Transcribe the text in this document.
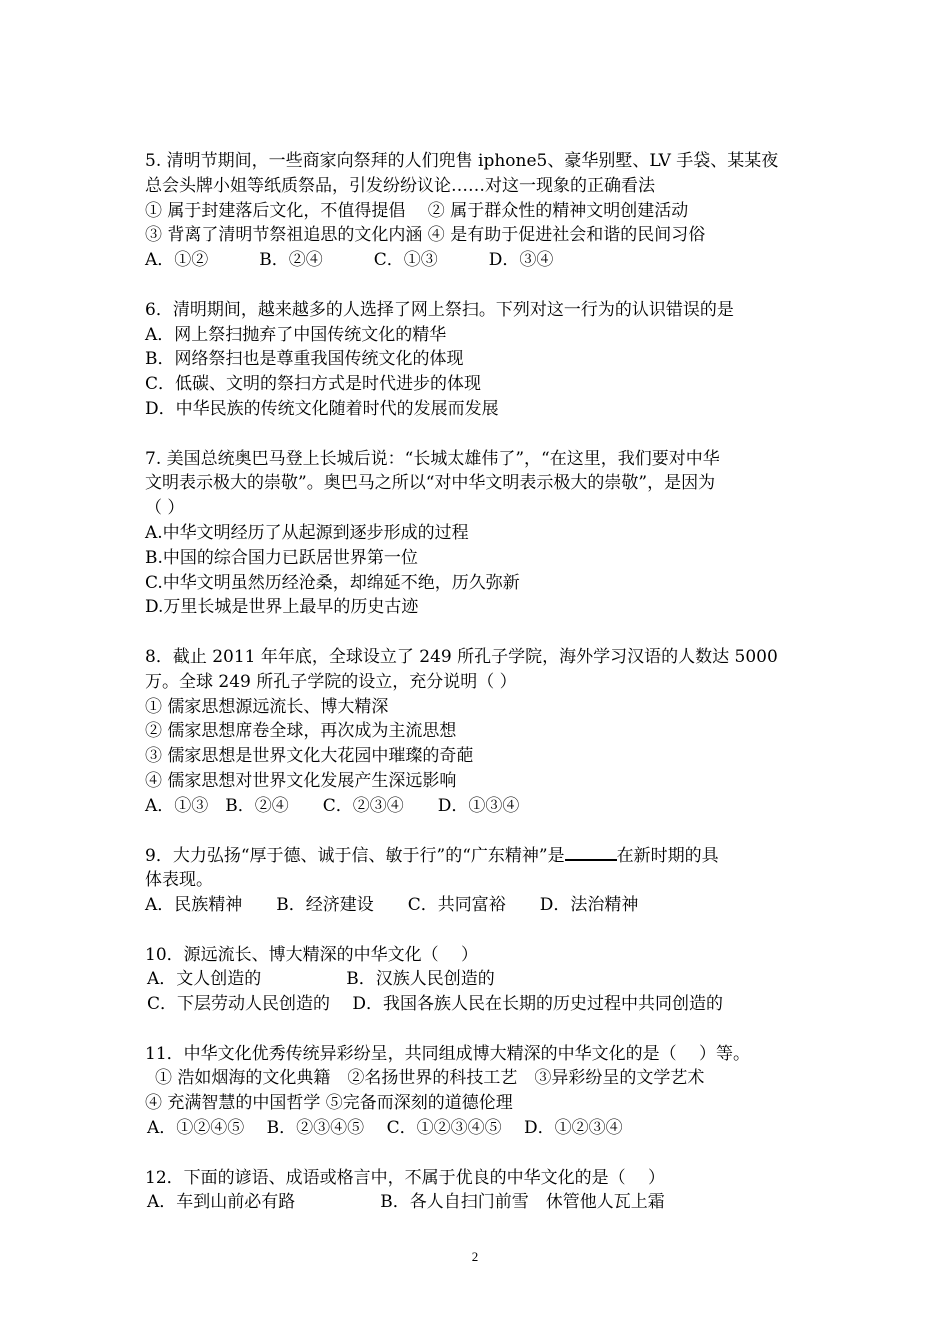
5. 清明节期间，一些商家向祭拜的人们兜售 iphone5、豪华别墅、LV 手袋、某某夜
总会头牌小姐等纸质祭品，引发纷纷议论……对这一现象的正确看法
① 属于封建落后文化，不值得提倡 　② 属于群众性的精神文明创建活动
③ 背离了清明节祭祖追思的文化内涵 ④ 是有助于促进社会和谐的民间习俗
A．①②　　　B．②④　　　C．①③　　　D．③④
6．清明期间，越来越多的人选择了网上祭扫。下列对这一行为的认识错误的是
A．网上祭扫抛弃了中国传统文化的精华
B．网络祭扫也是尊重我国传统文化的体现
C．低碳、文明的祭扫方式是时代进步的体现
D．中华民族的传统文化随着时代的发展而发展
7. 美国总统奥巴马登上长城后说：“长城太雄伟了”，“在这里，我们要对中华
文明表示极大的崇敬”。奥巴马之所以“对中华文明表示极大的崇敬”，是因为
（ ）
A.中华文明经历了从起源到逐步形成的过程
B.中国的综合国力已跃居世界第一位
C.中华文明虽然历经沧桑，却绵延不绝，历久弥新
D.万里长城是世界上最早的历史古迹
8．截止 2011 年年底，全球设立了 249 所孔子学院，海外学习汉语的人数达 5000
万。全球 249 所孔子学院的设立，充分说明（ ）
① 儒家思想源远流长、博大精深
② 儒家思想席卷全球，再次成为主流思想
③ 儒家思想是世界文化大花园中璀璨的奇葩
④ 儒家思想对世界文化发展产生深远影响
A．①③　B．②④　　C．②③④　　D．①③④
9．大力弘扬“厚于德、诚于信、敏于行”的“广东精神”是	在新时期的具
体表现。
A．民族精神　　B．经济建设　　C．共同富裕　　D．法治精神
10．源远流长、博大精深的中华文化（　 ）
A．文人创造的　　　　　B．汉族人民创造的
C．下层劳动人民创造的　 D．我国各族人民在长期的历史过程中共同创造的
11．中华文化优秀传统异彩纷呈，共同组成博大精深的中华文化的是（　 ）等。
① 浩如烟海的文化典籍　②名扬世界的科技工艺　③异彩纷呈的文学艺术
④ 充满智慧的中国哲学 ⑤完备而深刻的道德伦理
A．①②④⑤　 B．②③④⑤　 C．①②③④⑤　 D．①②③④
12．下面的谚语、成语或格言中，不属于优良的中华文化的是（　 ）
A．车到山前必有路　　　　　B．各人自扫门前雪　休管他人瓦上霜
2
